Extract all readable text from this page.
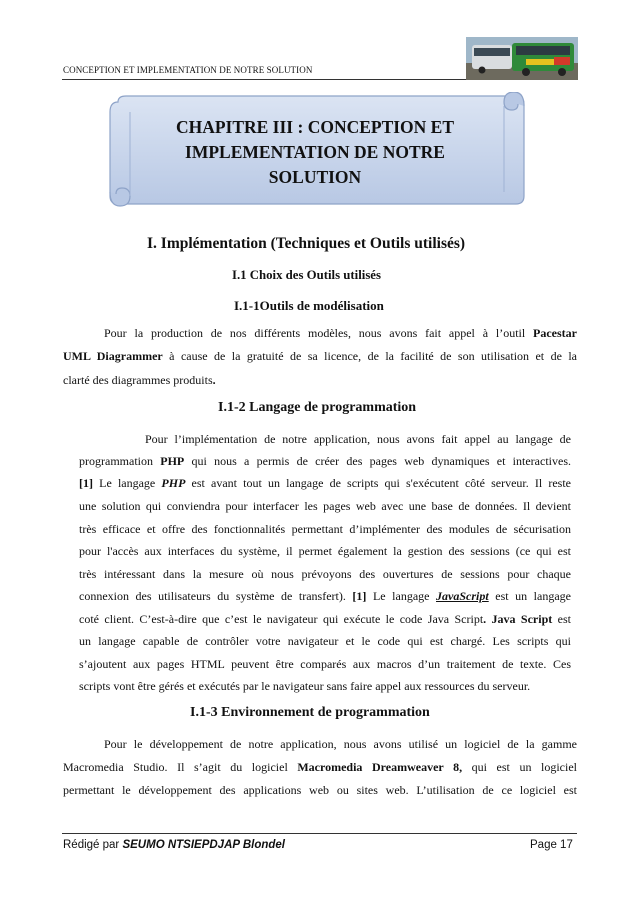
CONCEPTION ET IMPLEMENTATION DE NOTRE SOLUTION
CHAPITRE III : CONCEPTION ET
IMPLEMENTATION DE NOTRE
SOLUTION
I. Implémentation (Techniques et Outils utilisés)
I.1 Choix des Outils utilisés
I.1-1Outils de modélisation
Pour la production de nos différents modèles, nous avons fait appel à l’outil Pacestar
UML Diagrammer à cause de la gratuité de sa licence, de la facilité de son utilisation et de la
clarté des diagrammes produits.
I.1-2 Langage de programmation
Pour l’implémentation de notre application, nous avons fait appel au langage de
programmation PHP qui nous a permis de créer des pages web dynamiques et interactives.
[1] Le langage PHP est avant tout un langage de scripts qui s'exécutent côté serveur. Il reste
une solution qui conviendra pour interfacer les pages web avec une base de données. Il devient
très efficace et offre des fonctionnalités permettant d’implémenter des modules de sécurisation
pour l'accès aux interfaces du système, il permet également la gestion des sessions (ce qui est
très intéressant dans la mesure où nous prévoyons des ouvertures de sessions pour chaque
connexion des utilisateurs du système de transfert). [1] Le langage JavaScript est un langage
coté client. C’est-à-dire que c’est le navigateur qui exécute le code Java Script. Java Script est
un langage capable de contrôler votre navigateur et le code qui est chargé. Les scripts qui
s’ajoutent aux pages HTML peuvent être comparés aux macros d’un traitement de texte. Ces
scripts vont être gérés et exécutés par le navigateur sans faire appel aux ressources du serveur.
I.1-3 Environnement de programmation
Pour le développement de notre application, nous avons utilisé un logiciel de la gamme
Macromedia Studio. Il s’agit du logiciel Macromedia Dreamweaver 8, qui est un logiciel
permettant le développement des applications web ou sites web. L’utilisation de ce logiciel est
Rédigé par SEUMO NTSIEPDJAP Blondel	Page 17
